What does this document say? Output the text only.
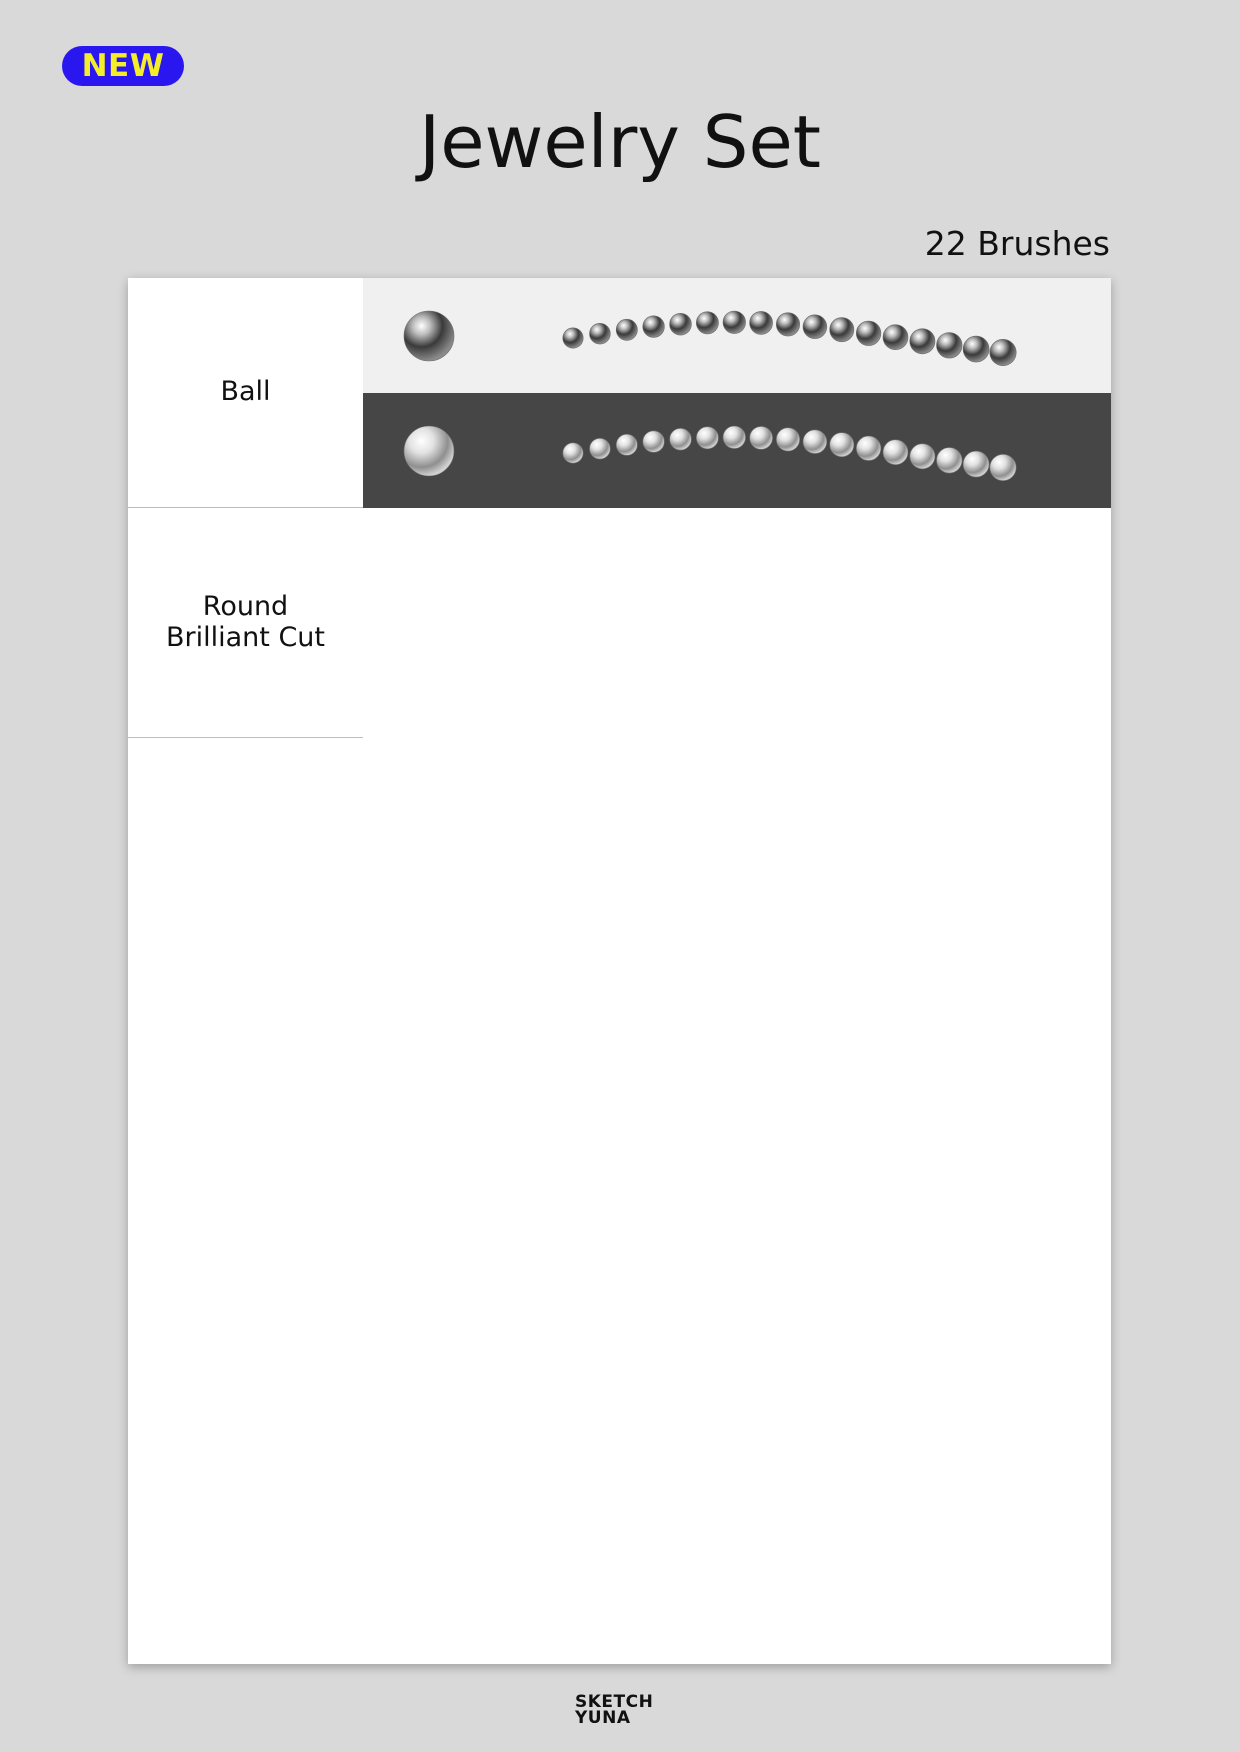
NEW
Jewelry Set
22 Brushes
Ball
Round
Brilliant Cut
SKETCH
YUNA
